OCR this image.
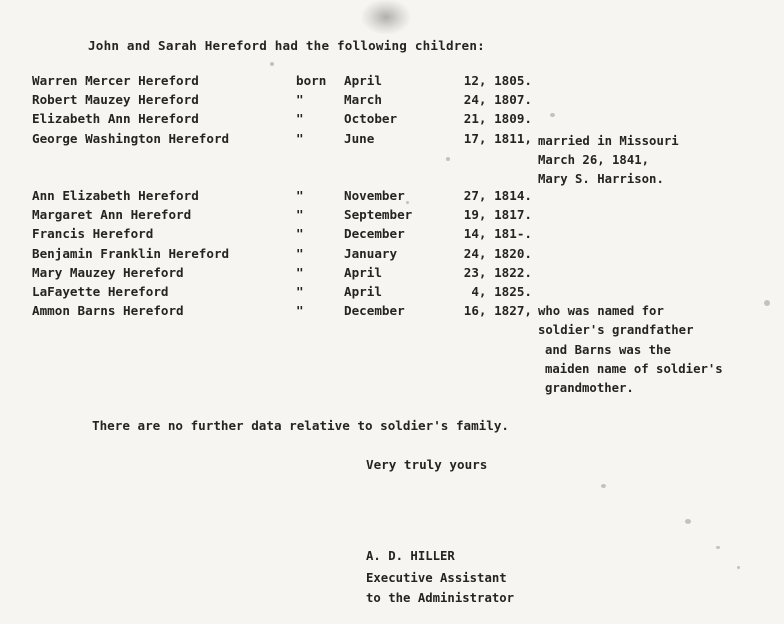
John and Sarah Hereford had the following children:
Warren Mercer Hereford	born April	12, 1805.
Robert Mauzey Hereford	"	March	24, 1807.
Elizabeth Ann Hereford	"	October	21, 1809.
George Washington Hereford	"	June	17, 1811,
Ann Elizabeth Hereford	"	November	27, 1814.
Margaret Ann Hereford	"	September	19, 1817.
Francis Hereford	"	December	14, 181-.
Benjamin Franklin Hereford	"	January	24, 1820.
Mary Mauzey Hereford	"	April	23, 1822.
LaFayette Hereford	"	April	4, 1825.
Ammon Barns Hereford	"	December	16, 1827,
married in Missouri
March 26, 1841,
Mary S. Harrison.
who was named for
soldier's grandfather
and Barns was the
maiden name of soldier's
grandmother.
There are no further data relative to soldier's family.
Very truly yours
A. D. HILLER
Executive Assistant
to the Administrator
